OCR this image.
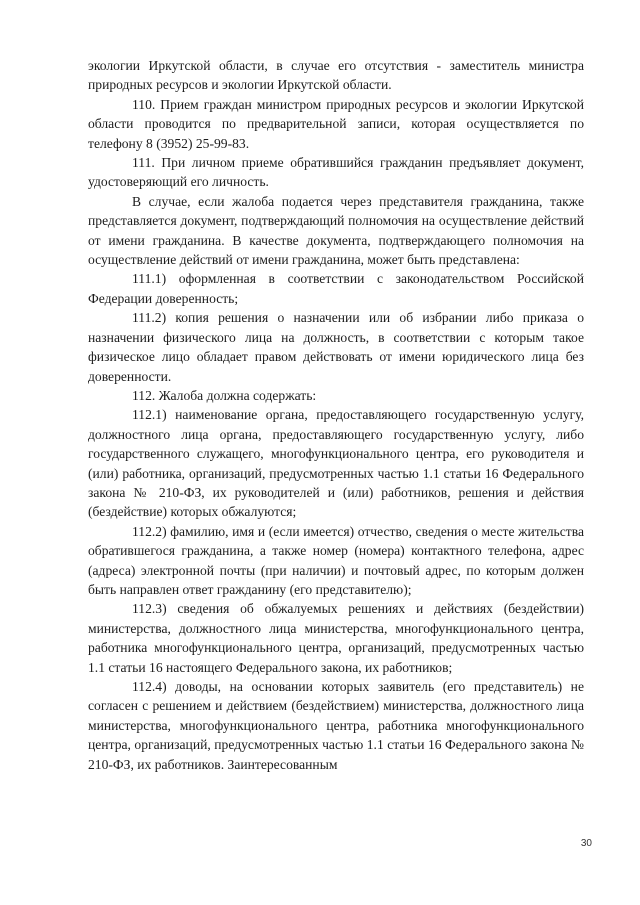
экологии Иркутской области, в случае его отсутствия - заместитель министра природных ресурсов и экологии Иркутской области.

110. Прием граждан министром природных ресурсов и экологии Иркутской области проводится по предварительной записи, которая осуществляется по телефону 8 (3952) 25-99-83.

111. При личном приеме обратившийся гражданин предъявляет документ, удостоверяющий его личность.

В случае, если жалоба подается через представителя гражданина, также представляется документ, подтверждающий полномочия на осуществление действий от имени гражданина. В качестве документа, подтверждающего полномочия на осуществление действий от имени гражданина, может быть представлена:

111.1) оформленная в соответствии с законодательством Российской Федерации доверенность;

111.2) копия решения о назначении или об избрании либо приказа о назначении физического лица на должность, в соответствии с которым такое физическое лицо обладает правом действовать от имени юридического лица без доверенности.

112. Жалоба должна содержать:

112.1) наименование органа, предоставляющего государственную услугу, должностного лица органа, предоставляющего государственную услугу, либо государственного служащего, многофункционального центра, его руководителя и (или) работника, организаций, предусмотренных частью 1.1 статьи 16 Федерального закона № 210-ФЗ, их руководителей и (или) работников, решения и действия (бездействие) которых обжалуются;

112.2) фамилию, имя и (если имеется) отчество, сведения о месте жительства обратившегося гражданина, а также номер (номера) контактного телефона, адрес (адреса) электронной почты (при наличии) и почтовый адрес, по которым должен быть направлен ответ гражданину (его представителю);

112.3) сведения об обжалуемых решениях и действиях (бездействии) министерства, должностного лица министерства, многофункционального центра, работника многофункционального центра, организаций, предусмотренных частью 1.1 статьи 16 настоящего Федерального закона, их работников;

112.4) доводы, на основании которых заявитель (его представитель) не согласен с решением и действием (бездействием) министерства, должностного лица министерства, многофункционального центра, работника многофункционального центра, организаций, предусмотренных частью 1.1 статьи 16 Федерального закона № 210-ФЗ, их работников. Заинтересованным

30
